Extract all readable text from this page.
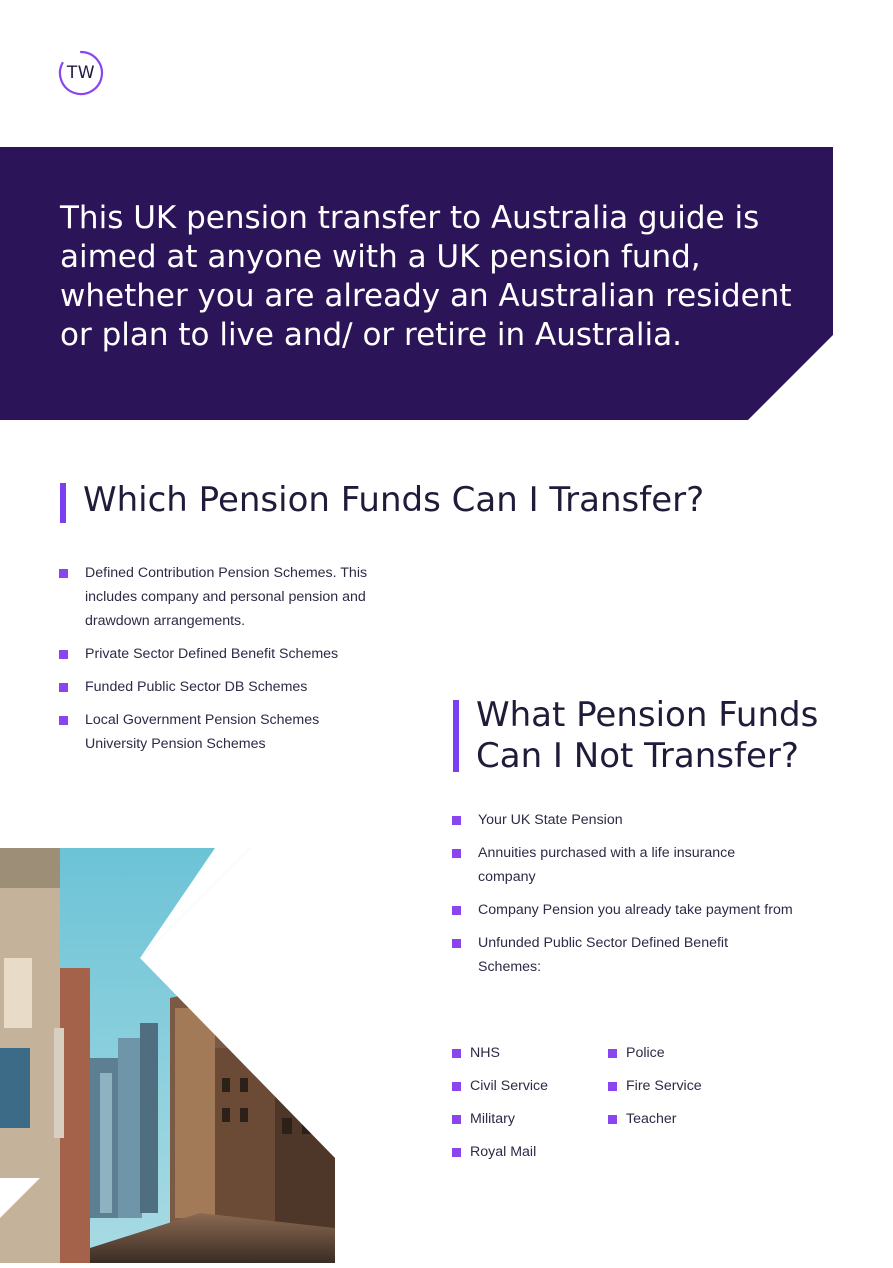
TW

This UK pension transfer to Australia guide is aimed at anyone with a UK pension fund, whether you are already an Australian resident or plan to live and/ or retire in Australia.

Which Pension Funds Can I Transfer?
Defined Contribution Pension Schemes. This includes company and personal pension and drawdown arrangements.
Private Sector Defined Benefit Schemes
Funded Public Sector DB Schemes
Local Government Pension Schemes University Pension Schemes
What Pension Funds Can I Not Transfer?
Your UK State Pension
Annuities purchased with a life insurance company
Company Pension you already take payment from
Unfunded Public Sector Defined Benefit Schemes:
NHS
Civil Service
Military
Royal Mail
Police
Fire Service
Teacher
